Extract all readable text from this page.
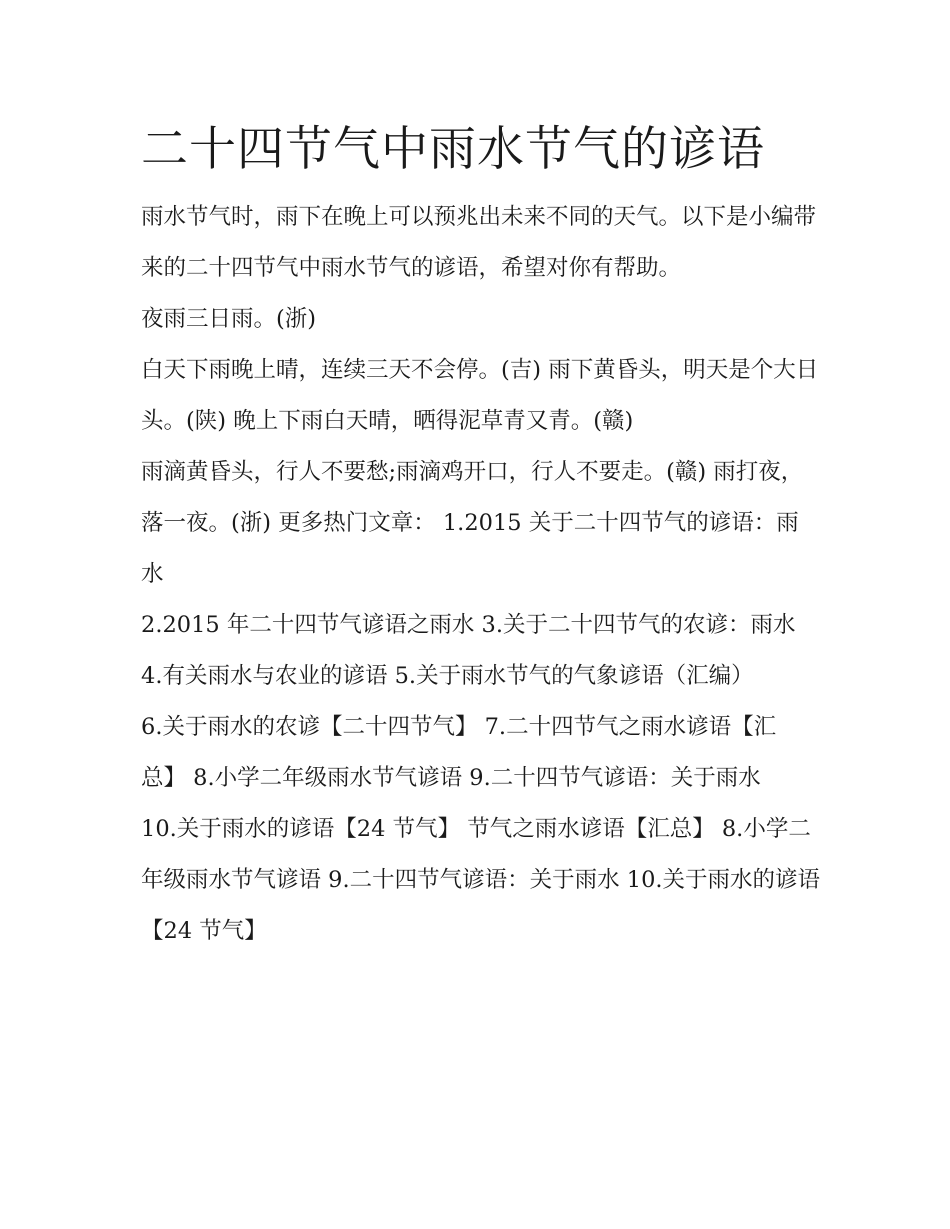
二十四节气中雨水节气的谚语

雨水节气时，雨下在晚上可以预兆出未来不同的天气。以下是小编带来的二十四节气中雨水节气的谚语，希望对你有帮助。

夜雨三日雨。(浙)

白天下雨晚上晴，连续三天不会停。(吉) 雨下黄昏头，明天是个大日头。(陕) 晚上下雨白天晴，晒得泥草青又青。(赣)

雨滴黄昏头，行人不要愁;雨滴鸡开口，行人不要走。(赣) 雨打夜，落一夜。(浙) 更多热门文章： 1.2015 关于二十四节气的谚语：雨水

2.2015 年二十四节气谚语之雨水 3.关于二十四节气的农谚：雨水 4.有关雨水与农业的谚语 5.关于雨水节气的气象谚语（汇编）

6.关于雨水的农谚【二十四节气】 7.二十四节气之雨水谚语【汇总】 8.小学二年级雨水节气谚语 9.二十四节气谚语：关于雨水

10.关于雨水的谚语【24 节气】 节气之雨水谚语【汇总】 8.小学二年级雨水节气谚语 9.二十四节气谚语：关于雨水 10.关于雨水的谚语【24 节气】
